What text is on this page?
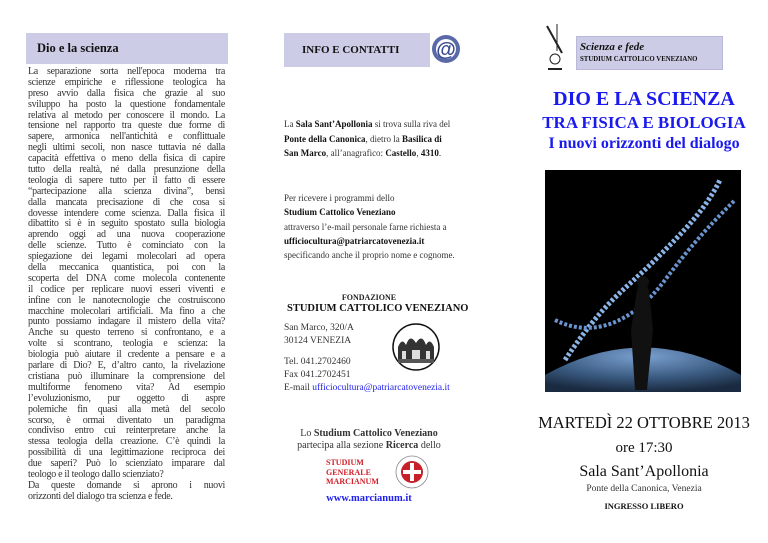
Dio e la scienza
La separazione sorta nell'epoca moderna tra
scienze empiriche e riflessione teologica ha
preso avvio dalla fisica che grazie al suo
sviluppo ha posto la questione fondamentale
relativa al metodo per conoscere il mondo. La
tensione nel rapporto tra queste due forme di
sapere, armonica nell'antichità e conflittuale
negli ultimi secoli, non nasce tuttavia né dalla
capacità effettiva o meno della fisica di capire
tutto della realtà, né dalla presunzione della
teologia di sapere tutto per il fatto di essere
“partecipazione alla scienza divina”, bensì
dalla mancata precisazione di che cosa si
dovesse intendere come scienza. Dalla fisica il
dibattito si è in seguito spostato sulla biologia
aprendo oggi ad una nuova cooperazione
delle scienze. Tutto è cominciato con la
spiegazione dei legami molecolari ad opera
della meccanica quantistica, poi con la
scoperta del DNA come molecola contenente
il codice per replicare nuovi esseri viventi e
infine con le nanotecnologie che costruiscono
macchine molecolari artificiali. Ma fino a che
punto possiamo indagare il mistero della vita?
Anche su questo terreno si confrontano, e a
volte si scontrano, teologia e scienza: la
biologia può aiutare il credente a pensare e a
parlare di Dio? E, d’altro canto, la rivelazione
cristiana può illuminare la comprensione del
multiforme fenomeno vita? Ad esempio
l’evoluzionismo, pur oggetto di aspre
polemiche fin quasi alla metà del secolo
scorso, è ormai diventato un paradigma
condiviso entro cui reinterpretare anche la
stessa teologia della creazione. C’è quindi la
possibilità di una legittimazione reciproca dei
due saperi? Può lo scienziato imparare dal
teologo e il teologo dallo scienziato?
Da queste domande si aprono i nuovi
orizzonti del dialogo tra scienza e fede.
INFO E CONTATTI @
La Sala Sant’Apollonia si trova sulla riva del
Ponte della Canonica, dietro la Basilica di
San Marco, all’anagrafico: Castello, 4310.
Per ricevere i programmi dello
Studium Cattolico Veneziano
attraverso l’e-mail personale farne richiesta a
ufficiocultura@patriarcatovenezia.it
specificando anche il proprio nome e cognome.
FONDAZIONE
STUDIUM CATTOLICO VENEZIANO
San Marco, 320/A
30124 VENEZIA
Tel. 041.2702460
Fax 041.2702451
E-mail ufficiocultura@patriarcatovenezia.it
Lo Studium Cattolico Veneziano
partecipa alla sezione Ricerca dello
STUDIUM
GENERALE
MARCIANUM
www.marcianum.it
Scienza e fede
STUDIUM CATTOLICO VENEZIANO
DIO E LA SCIENZA
TRA FISICA E BIOLOGIA
I nuovi orizzonti del dialogo
MARTEDÌ 22 OTTOBRE 2013
ore 17:30
Sala Sant’Apollonia
Ponte della Canonica, Venezia
INGRESSO LIBERO
